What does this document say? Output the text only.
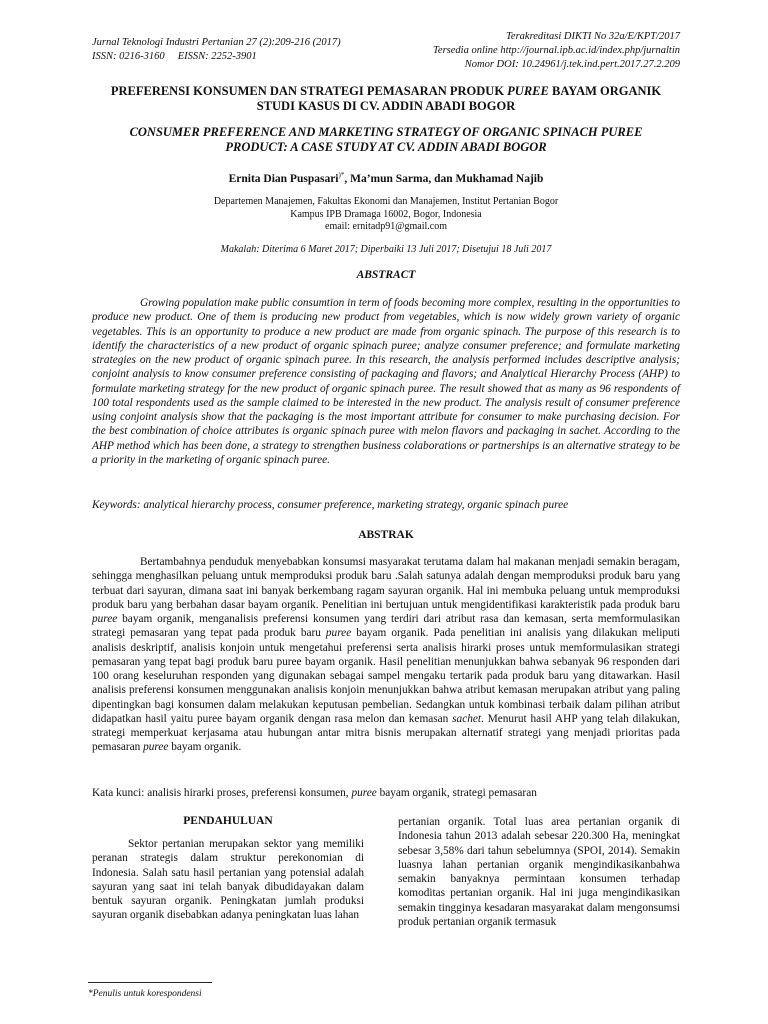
Jurnal Teknologi Industri Pertanian 27 (2):209-216 (2017)
ISSN: 0216-3160     EISSN: 2252-3901
Terakreditasi DIKTI No 32a/E/KPT/2017
Tersedia online http://journal.ipb.ac.id/index.php/jurnaltin
Nomor DOI: 10.24961/j.tek.ind.pert.2017.27.2.209
PREFERENSI KONSUMEN DAN STRATEGI PEMASARAN PRODUK PUREE BAYAM ORGANIK
STUDI KASUS DI CV. ADDIN ABADI BOGOR
CONSUMER PREFERENCE AND MARKETING STRATEGY OF ORGANIC SPINACH PUREE
PRODUCT: A CASE STUDY AT CV. ADDIN ABADI BOGOR
Ernita Dian Puspasari)*, Ma’mun Sarma, dan Mukhamad Najib
Departemen Manajemen, Fakultas Ekonomi dan Manajemen, Institut Pertanian Bogor
Kampus IPB Dramaga 16002, Bogor, Indonesia
email: ernitadp91@gmail.com
Makalah: Diterima 6 Maret 2017; Diperbaiki 13 Juli 2017; Disetujui 18 Juli 2017
ABSTRACT

Growing population make public consumtion in term of foods becoming more complex, resulting in the opportunities to produce new product. One of them is producing new product from vegetables, which is now widely grown variety of organic vegetables. This is an opportunity to produce a new product are made from organic spinach. The purpose of this research is to identify the characteristics of a new product of organic spinach puree; analyze consumer preference; and formulate marketing strategies on the new product of organic spinach puree. In this research, the analysis performed includes descriptive analysis; conjoint analysis to know consumer preference consisting of packaging and flavors; and Analytical Hierarchy Process (AHP) to formulate marketing strategy for the new product of organic spinach puree. The result showed that as many as 96 respondents of 100 total respondents used as the sample claimed to be interested in the new product. The analysis result of consumer preference using conjoint analysis show that the packaging is the most important attribute for consumer to make purchasing decision. For the best combination of choice attributes is organic spinach puree with melon flavors and packaging in sachet. According to the AHP method which has been done, a strategy to strengthen business colaborations or partnerships is an alternative strategy to be a priority in the marketing of organic spinach puree.

Keywords: analytical hierarchy process, consumer preference, marketing strategy, organic spinach puree
ABSTRAK

Bertambahnya penduduk menyebabkan konsumsi masyarakat terutama dalam hal makanan menjadi semakin beragam, sehingga menghasilkan peluang untuk memproduksi produk baru .Salah satunya adalah dengan memproduksi produk baru yang terbuat dari sayuran, dimana saat ini banyak berkembang ragam sayuran organik. Hal ini membuka peluang untuk memproduksi produk baru yang berbahan dasar bayam organik. Penelitian ini bertujuan untuk mengidentifikasi karakteristik pada produk baru puree bayam organik, menganalisis preferensi konsumen yang terdiri dari atribut rasa dan kemasan, serta memformulasikan strategi pemasaran yang tepat pada produk baru puree bayam organik. Pada penelitian ini analisis yang dilakukan meliputi analisis deskriptif, analisis konjoin untuk mengetahui preferensi serta analisis hirarki proses untuk memformulasikan strategi pemasaran yang tepat bagi produk baru puree bayam organik. Hasil penelitian menunjukkan bahwa sebanyak 96 responden dari 100 orang keseluruhan responden yang digunakan sebagai sampel mengaku tertarik pada produk baru yang ditawarkan. Hasil analisis preferensi konsumen menggunakan analisis konjoin menunjukkan bahwa atribut kemasan merupakan atribut yang paling dipentingkan bagi konsumen dalam melakukan keputusan pembelian. Sedangkan untuk kombinasi terbaik dalam pilihan atribut didapatkan hasil yaitu puree bayam organik dengan rasa melon dan kemasan sachet. Menurut hasil AHP yang telah dilakukan, strategi memperkuat kerjasama atau hubungan antar mitra bisnis merupakan alternatif strategi yang menjadi prioritas pada pemasaran puree bayam organik.

Kata kunci: analisis hirarki proses, preferensi konsumen, puree bayam organik, strategi pemasaran
PENDAHULUAN

Sektor pertanian merupakan sektor yang memiliki peranan strategis dalam struktur perekonomian di Indonesia. Salah satu hasil pertanian yang potensial adalah sayuran yang saat ini telah banyak dibudidayakan dalam bentuk sayuran organik. Peningkatan jumlah produksi sayuran organik disebabkan adanya peningkatan luas lahan

pertanian organik. Total luas area pertanian organik di Indonesia tahun 2013 adalah sebesar 220.300 Ha, meningkat sebesar 3,58% dari tahun sebelumnya (SPOI, 2014). Semakin luasnya lahan pertanian organik mengindikasikanbahwa semakin banyaknya permintaan konsumen terhadap komoditas pertanian organik. Hal ini juga mengindikasikan semakin tingginya kesadaran masyarakat dalam mengonsumsi produk pertanian organik termasuk

*Penulis untuk korespondensi
